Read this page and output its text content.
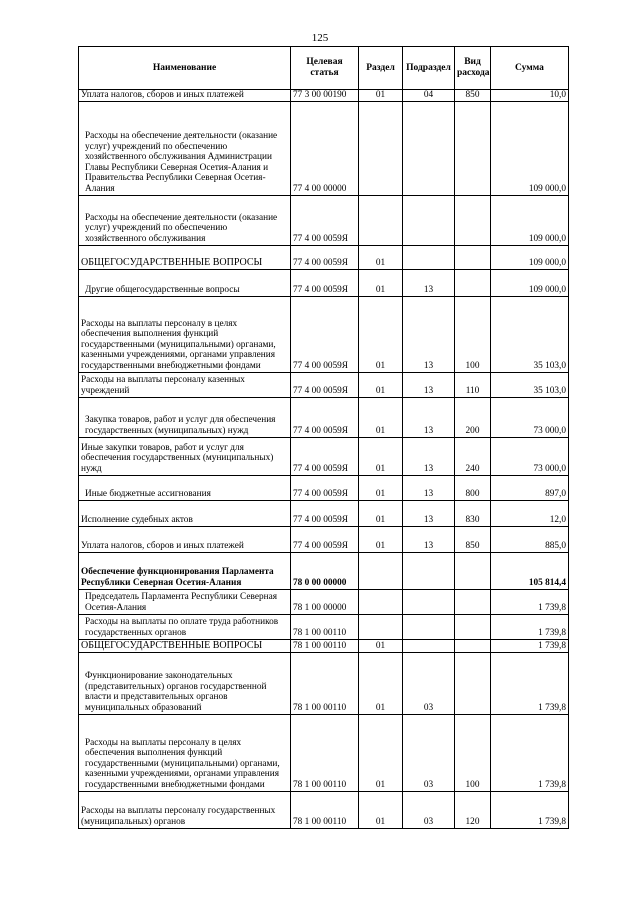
125
Наименование	Целевая статья	Раздел	Подраздел	Вид расхода	Сумма
Уплата налогов, сборов и иных платежей	77 3 00 00190	01	04	850	10,0
Расходы на обеспечение деятельности (оказание услуг) учреждений по обеспечению хозяйственного обслуживания Администрации Главы Республики Северная Осетия-Алания и Правительства Республики Северная Осетия-Алания	77 4 00 00000				109 000,0
Расходы на обеспечение деятельности (оказание услуг) учреждений по обеспечению хозяйственного обслуживания	77 4 00 0059Я				109 000,0
ОБЩЕГОСУДАРСТВЕННЫЕ ВОПРОСЫ	77 4 00 0059Я	01			109 000,0
Другие общегосударственные вопросы	77 4 00 0059Я	01	13		109 000,0
Расходы на выплаты персоналу в целях обеспечения выполнения функций государственными (муниципальными) органами, казенными учреждениями, органами управления государственными внебюджетными фондами	77 4 00 0059Я	01	13	100	35 103,0
Расходы на выплаты персоналу казенных учреждений	77 4 00 0059Я	01	13	110	35 103,0
Закупка товаров, работ и услуг для обеспечения государственных (муниципальных) нужд	77 4 00 0059Я	01	13	200	73 000,0
Иные закупки товаров, работ и услуг для обеспечения государственных (муниципальных) нужд	77 4 00 0059Я	01	13	240	73 000,0
Иные бюджетные ассигнования	77 4 00 0059Я	01	13	800	897,0
Исполнение судебных актов	77 4 00 0059Я	01	13	830	12,0
Уплата налогов, сборов и иных платежей	77 4 00 0059Я	01	13	850	885,0
Обеспечение функционирования Парламента Республики Северная Осетия-Алания	78 0 00 00000				105 814,4
Председатель Парламента Республики Северная Осетия-Алания	78 1 00 00000				1 739,8
Расходы на выплаты по оплате труда работников государственных органов	78 1 00 00110				1 739,8
ОБЩЕГОСУДАРСТВЕННЫЕ ВОПРОСЫ	78 1 00 00110	01			1 739,8
Функционирование законодательных (представительных) органов государственной власти и представительных органов муниципальных образований	78 1 00 00110	01	03		1 739,8
Расходы на выплаты персоналу в целях обеспечения выполнения функций государственными (муниципальными) органами, казенными учреждениями, органами управления государственными внебюджетными фондами	78 1 00 00110	01	03	100	1 739,8
Расходы на выплаты персоналу государственных (муниципальных) органов	78 1 00 00110	01	03	120	1 739,8
